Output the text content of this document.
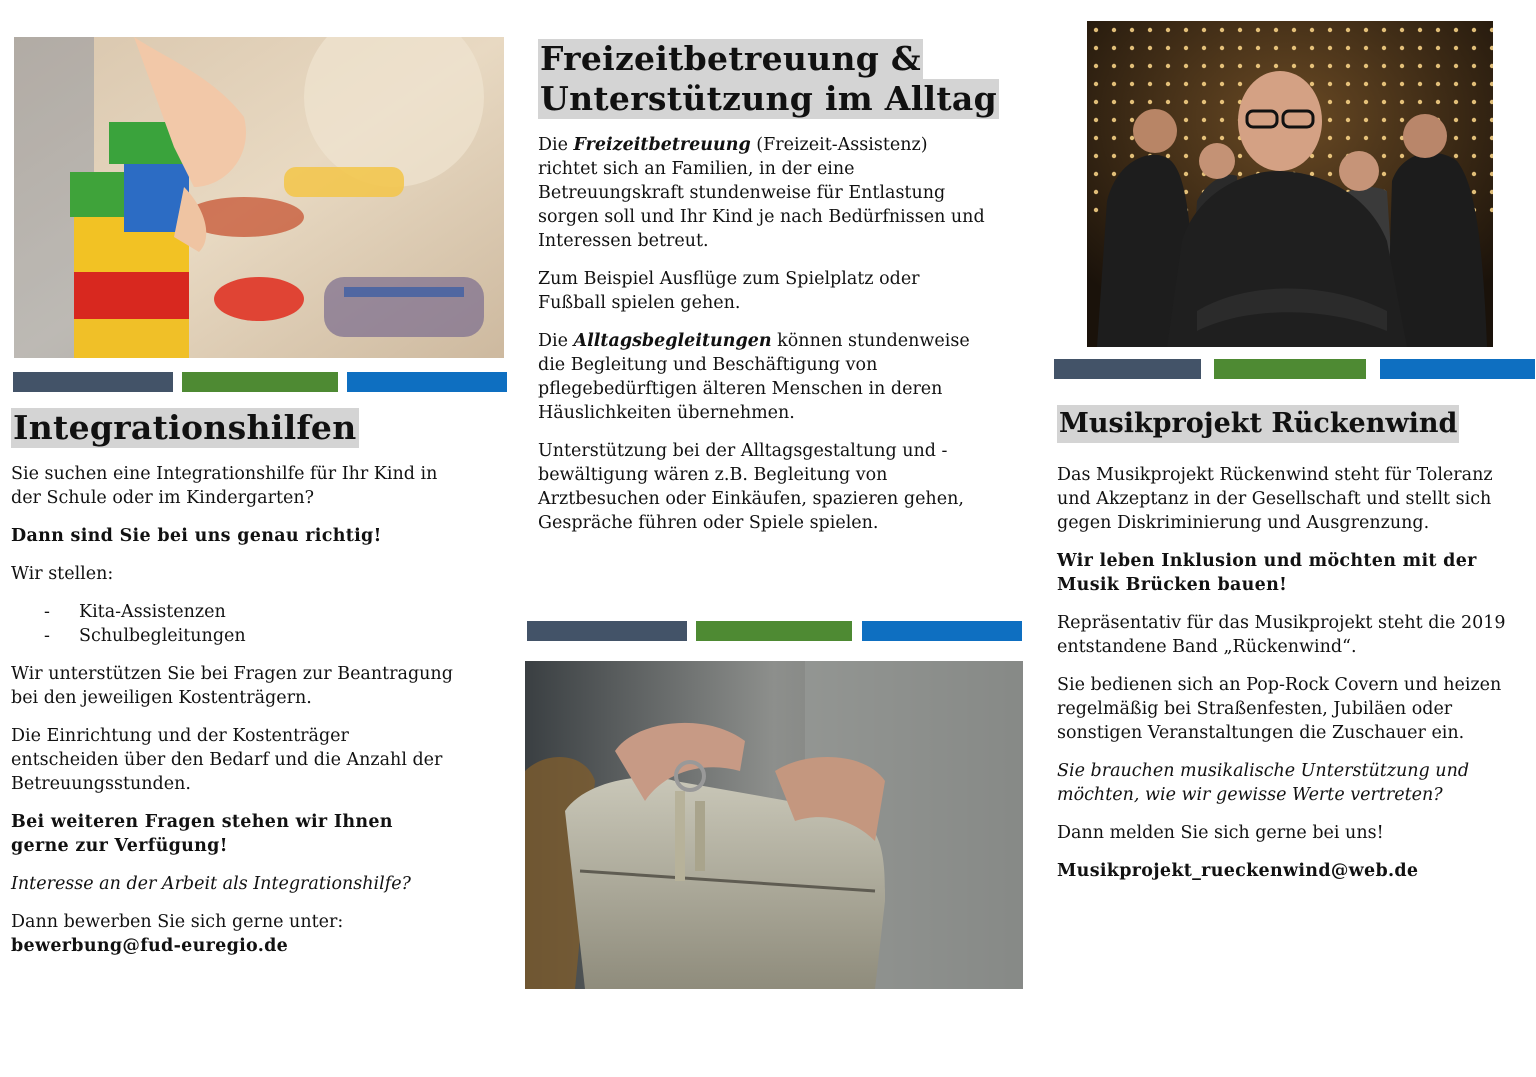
Integrationshilfen

Sie suchen eine Integrationshilfe für Ihr Kind in der Schule oder im Kindergarten?

Dann sind Sie bei uns genau richtig!

Wir stellen:

- Kita-Assistenzen
- Schulbegleitungen

Wir unterstützen Sie bei Fragen zur Beantragung bei den jeweiligen Kostenträgern.

Die Einrichtung und der Kostenträger entscheiden über den Bedarf und die Anzahl der Betreuungsstunden.

Bei weiteren Fragen stehen wir Ihnen gerne zur Verfügung!

Interesse an der Arbeit als Integrationshilfe?

Dann bewerben Sie sich gerne unter:

bewerbung@fud-euregio.de

Freizeitbetreuung &
Unterstützung im Alltag

Die Freizeitbetreuung (Freizeit-Assistenz) richtet sich an Familien, in der eine Betreuungskraft stundenweise für Entlastung sorgen soll und Ihr Kind je nach Bedürfnissen und Interessen betreut.

Zum Beispiel Ausflüge zum Spielplatz oder Fußball spielen gehen.

Die Alltagsbegleitungen können stundenweise die Begleitung und Beschäftigung von pflegebedürftigen älteren Menschen in deren Häuslichkeiten übernehmen.

Unterstützung bei der Alltagsgestaltung und -bewältigung wären z.B. Begleitung von Arztbesuchen oder Einkäufen, spazieren gehen, Gespräche führen oder Spiele spielen.

Musikprojekt Rückenwind

Das Musikprojekt Rückenwind steht für Toleranz und Akzeptanz in der Gesellschaft und stellt sich gegen Diskriminierung und Ausgrenzung.

Wir leben Inklusion und möchten mit der Musik Brücken bauen!

Repräsentativ für das Musikprojekt steht die 2019 entstandene Band „Rückenwind“.

Sie bedienen sich an Pop-Rock Covern und heizen regelmäßig bei Straßenfesten, Jubiläen oder sonstigen Veranstaltungen die Zuschauer ein.

Sie brauchen musikalische Unterstützung und möchten, wie wir gewisse Werte vertreten?

Dann melden Sie sich gerne bei uns!

Musikprojekt_rueckenwind@web.de
